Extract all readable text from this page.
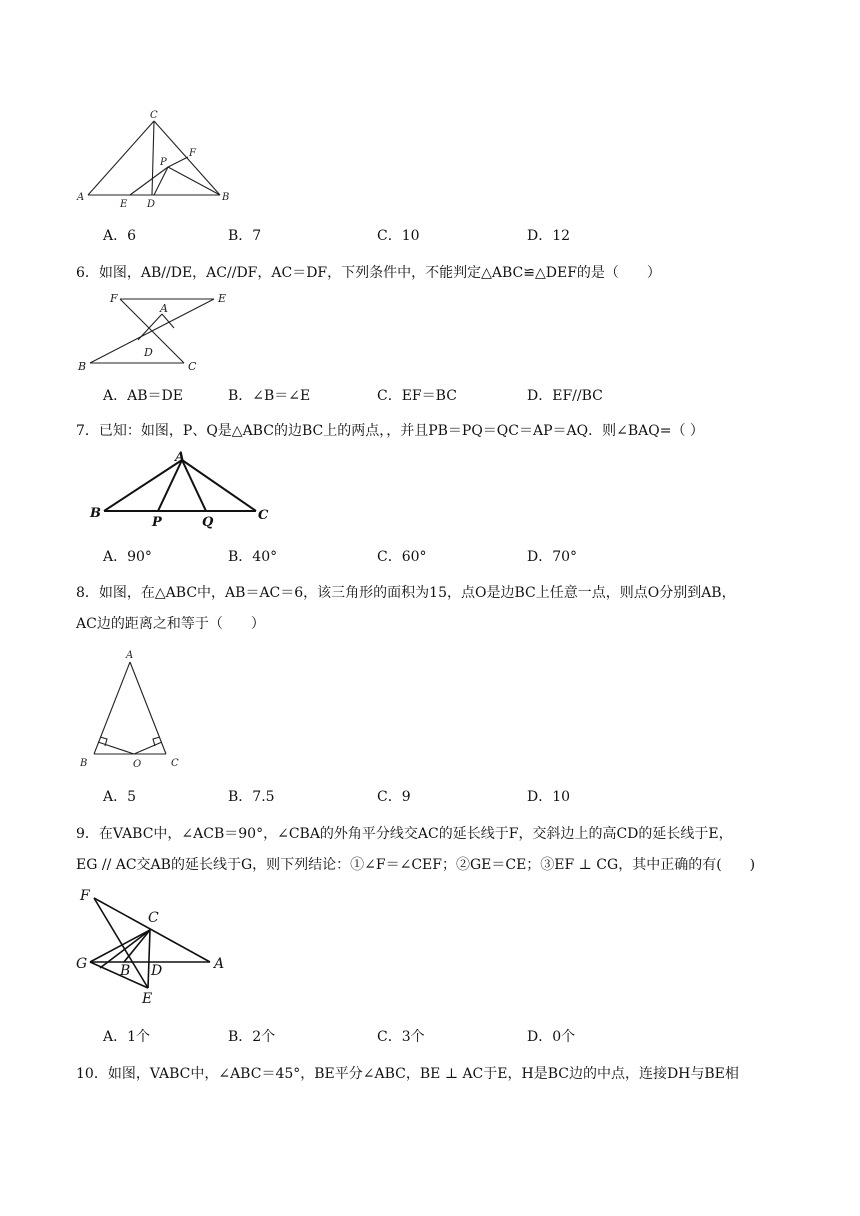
C
A	B
E D
P
F
A．6	B．7	C．10	D．12
6．如图，AB//DE，AC//DF，AC＝DF，下列条件中，不能判定△ABC≌△DEF的是（　　）
F	E
A
D
B	C
A．AB＝DE	B．∠B＝∠E	C．EF＝BC	D．EF//BC
7．已知：如图，P、Q是△ABC的边BC上的两点，，并且PB＝PQ＝QC＝AP＝AQ．则∠BAQ=（ ）
A
B
P	Q	C
A．90°	B．40°	C．60°	D．70°
8．如图，在△ABC中，AB＝AC＝6，该三角形的面积为15，点O是边BC上任意一点，则点O分别到AB，
AC边的距离之和等于（　　）
A
B	O	C
A．5	B．7.5	C．9	D．10
9．在VABC中，∠ACB＝90°，∠CBA的外角平分线交AC的延长线于F，交斜边上的高CD的延长线于E，
EG // AC交AB的延长线于G，则下列结论：①∠F＝∠CEF；②GE＝CE；③EF ⊥ CG，其中正确的有(　　)
F
C
G B D	A
E
A．1个	B．2个	C．3个	D．0个
10．如图，VABC中，∠ABC＝45°，BE平分∠ABC，BE ⊥ AC于E，H是BC边的中点，连接DH与BE相
